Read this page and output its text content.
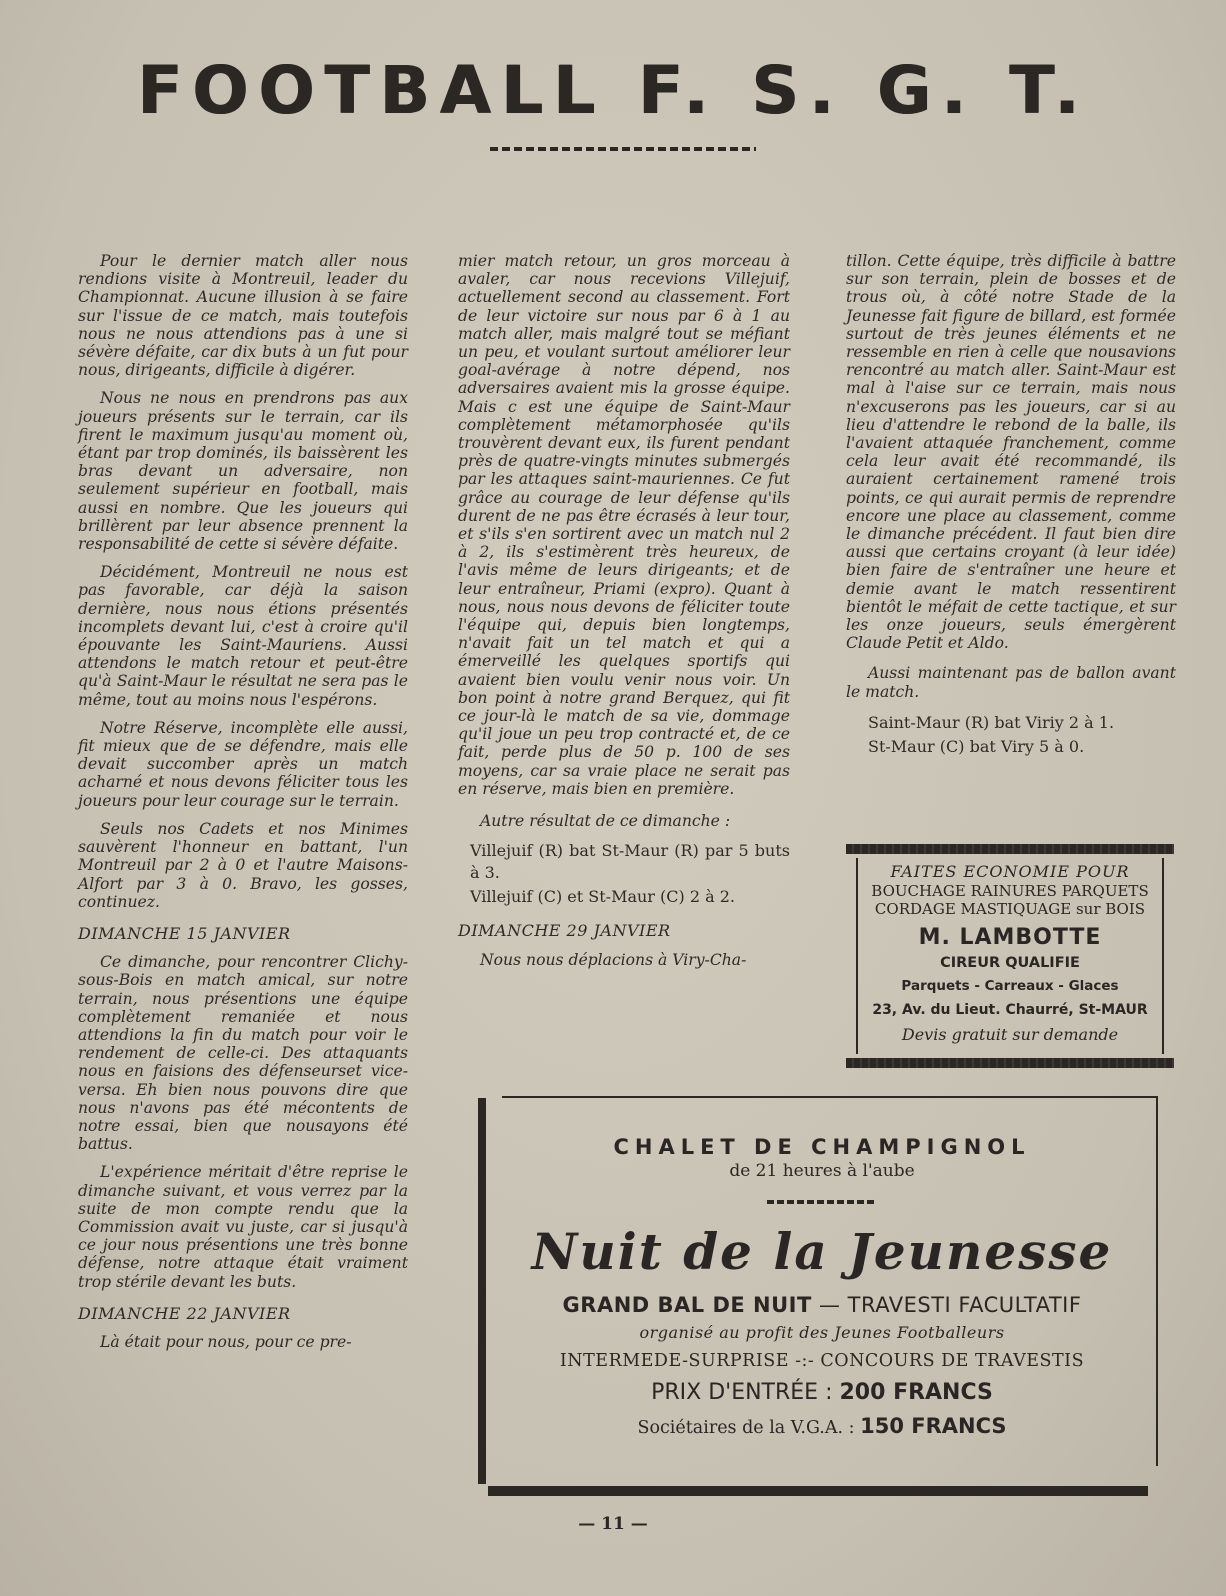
FOOTBALL F. S. G. T.

Pour le dernier match aller nous rendions visite à Montreuil, leader du Championnat. Aucune illusion à se faire sur l'issue de ce match, mais toutefois nous ne nous attendions pas à une si sévère défaite, car dix buts à un fut pour nous, dirigeants, difficile à digérer.

Nous ne nous en prendrons pas aux joueurs présents sur le terrain, car ils firent le maximum jusqu'au moment où, étant par trop dominés, ils baissèrent les bras devant un adversaire, non seulement supérieur en football, mais aussi en nombre. Que les joueurs qui brillèrent par leur absence prennent la responsabilité de cette si sévère défaite.

Décidément, Montreuil ne nous est pas favorable, car déjà la saison dernière, nous nous étions présentés incomplets devant lui, c'est à croire qu'il épouvante les Saint-Mauriens. Aussi attendons le match retour et peut-être qu'à Saint-Maur le résultat ne sera pas le même, tout au moins nous l'espérons.

Notre Réserve, incomplète elle aussi, fit mieux que de se défendre, mais elle devait succomber après un match acharné et nous devons féliciter tous les joueurs pour leur courage sur le terrain.

Seuls nos Cadets et nos Minimes sauvèrent l'honneur en battant, l'un Montreuil par 2 à 0 et l'autre Maisons-Alfort par 3 à 0. Bravo, les gosses, continuez.

DIMANCHE 15 JANVIER

Ce dimanche, pour rencontrer Clichy-sous-Bois en match amical, sur notre terrain, nous présentions une équipe complètement remaniée et nous attendions la fin du match pour voir le rendement de celle-ci. Des attaquants nous en faisions des défenseurset vice-versa. Eh bien nous pouvons dire que nous n'avons pas été mécontents de notre essai, bien que nousayons été battus.

L'expérience méritait d'être reprise le dimanche suivant, et vous verrez par la suite de mon compte rendu que la Commission avait vu juste, car si jusqu'à ce jour nous présentions une très bonne défense, notre attaque était vraiment trop stérile devant les buts.

DIMANCHE 22 JANVIER

Là était pour nous, pour ce pre-

mier match retour, un gros morceau à avaler, car nous recevions Villejuif, actuellement second au classement. Fort de leur victoire sur nous par 6 à 1 au match aller, mais malgré tout se méfiant un peu, et voulant surtout améliorer leur goal-avérage à notre dépend, nos adversaires avaient mis la grosse équipe. Mais c est une équipe de Saint-Maur complètement métamorphosée qu'ils trouvèrent devant eux, ils furent pendant près de quatre-vingts minutes submergés par les attaques saint-mauriennes. Ce fut grâce au courage de leur défense qu'ils durent de ne pas être écrasés à leur tour, et s'ils s'en sortirent avec un match nul 2 à 2, ils s'estimèrent très heureux, de l'avis même de leurs dirigeants; et de leur entraîneur, Priami (expro). Quant à nous, nous nous devons de féliciter toute l'équipe qui, depuis bien longtemps, n'avait fait un tel match et qui a émerveillé les quelques sportifs qui avaient bien voulu venir nous voir. Un bon point à notre grand Berquez, qui fit ce jour-là le match de sa vie, dommage qu'il joue un peu trop contracté et, de ce fait, perde plus de 50 p. 100 de ses moyens, car sa vraie place ne serait pas en réserve, mais bien en première.

Autre résultat de ce dimanche :

Villejuif (R) bat St-Maur (R) par 5 buts à 3.

Villejuif (C) et St-Maur (C) 2 à 2.

DIMANCHE 29 JANVIER

Nous nous déplacions à Viry-Cha-

tillon. Cette équipe, très difficile à battre sur son terrain, plein de bosses et de trous où, à côté notre Stade de la Jeunesse fait figure de billard, est formée surtout de très jeunes éléments et ne ressemble en rien à celle que nousavions rencontré au match aller. Saint-Maur est mal à l'aise sur ce terrain, mais nous n'excuserons pas les joueurs, car si au lieu d'attendre le rebond de la balle, ils l'avaient attaquée franchement, comme cela leur avait été recommandé, ils auraient certainement ramené trois points, ce qui aurait permis de reprendre encore une place au classement, comme le dimanche précédent. Il faut bien dire aussi que certains croyant (à leur idée) bien faire de s'entraîner une heure et demie avant le match ressentirent bientôt le méfait de cette tactique, et sur les onze joueurs, seuls émergèrent Claude Petit et Aldo.

Aussi maintenant pas de ballon avant le match.

Saint-Maur (R) bat Viriy 2 à 1.

St-Maur (C) bat Viry 5 à 0.

FAITES ECONOMIE POUR
BOUCHAGE RAINURES PARQUETS
CORDAGE MASTIQUAGE sur BOIS
M. LAMBOTTE
CIREUR QUALIFIE
Parquets - Carreaux - Glaces
23, Av. du Lieut. Chaurré, St-MAUR
Devis gratuit sur demande
CHALET DE CHAMPIGNOL
de 21 heures à l'aube
Nuit de la Jeunesse
GRAND BAL DE NUIT — TRAVESTI FACULTATIF
organisé au profit des Jeunes Footballeurs
INTERMEDE-SURPRISE -:- CONCOURS DE TRAVESTIS
PRIX D'ENTRÉE : 200 FRANCS
Sociétaires de la V.G.A. : 150 FRANCS
— 11 —
